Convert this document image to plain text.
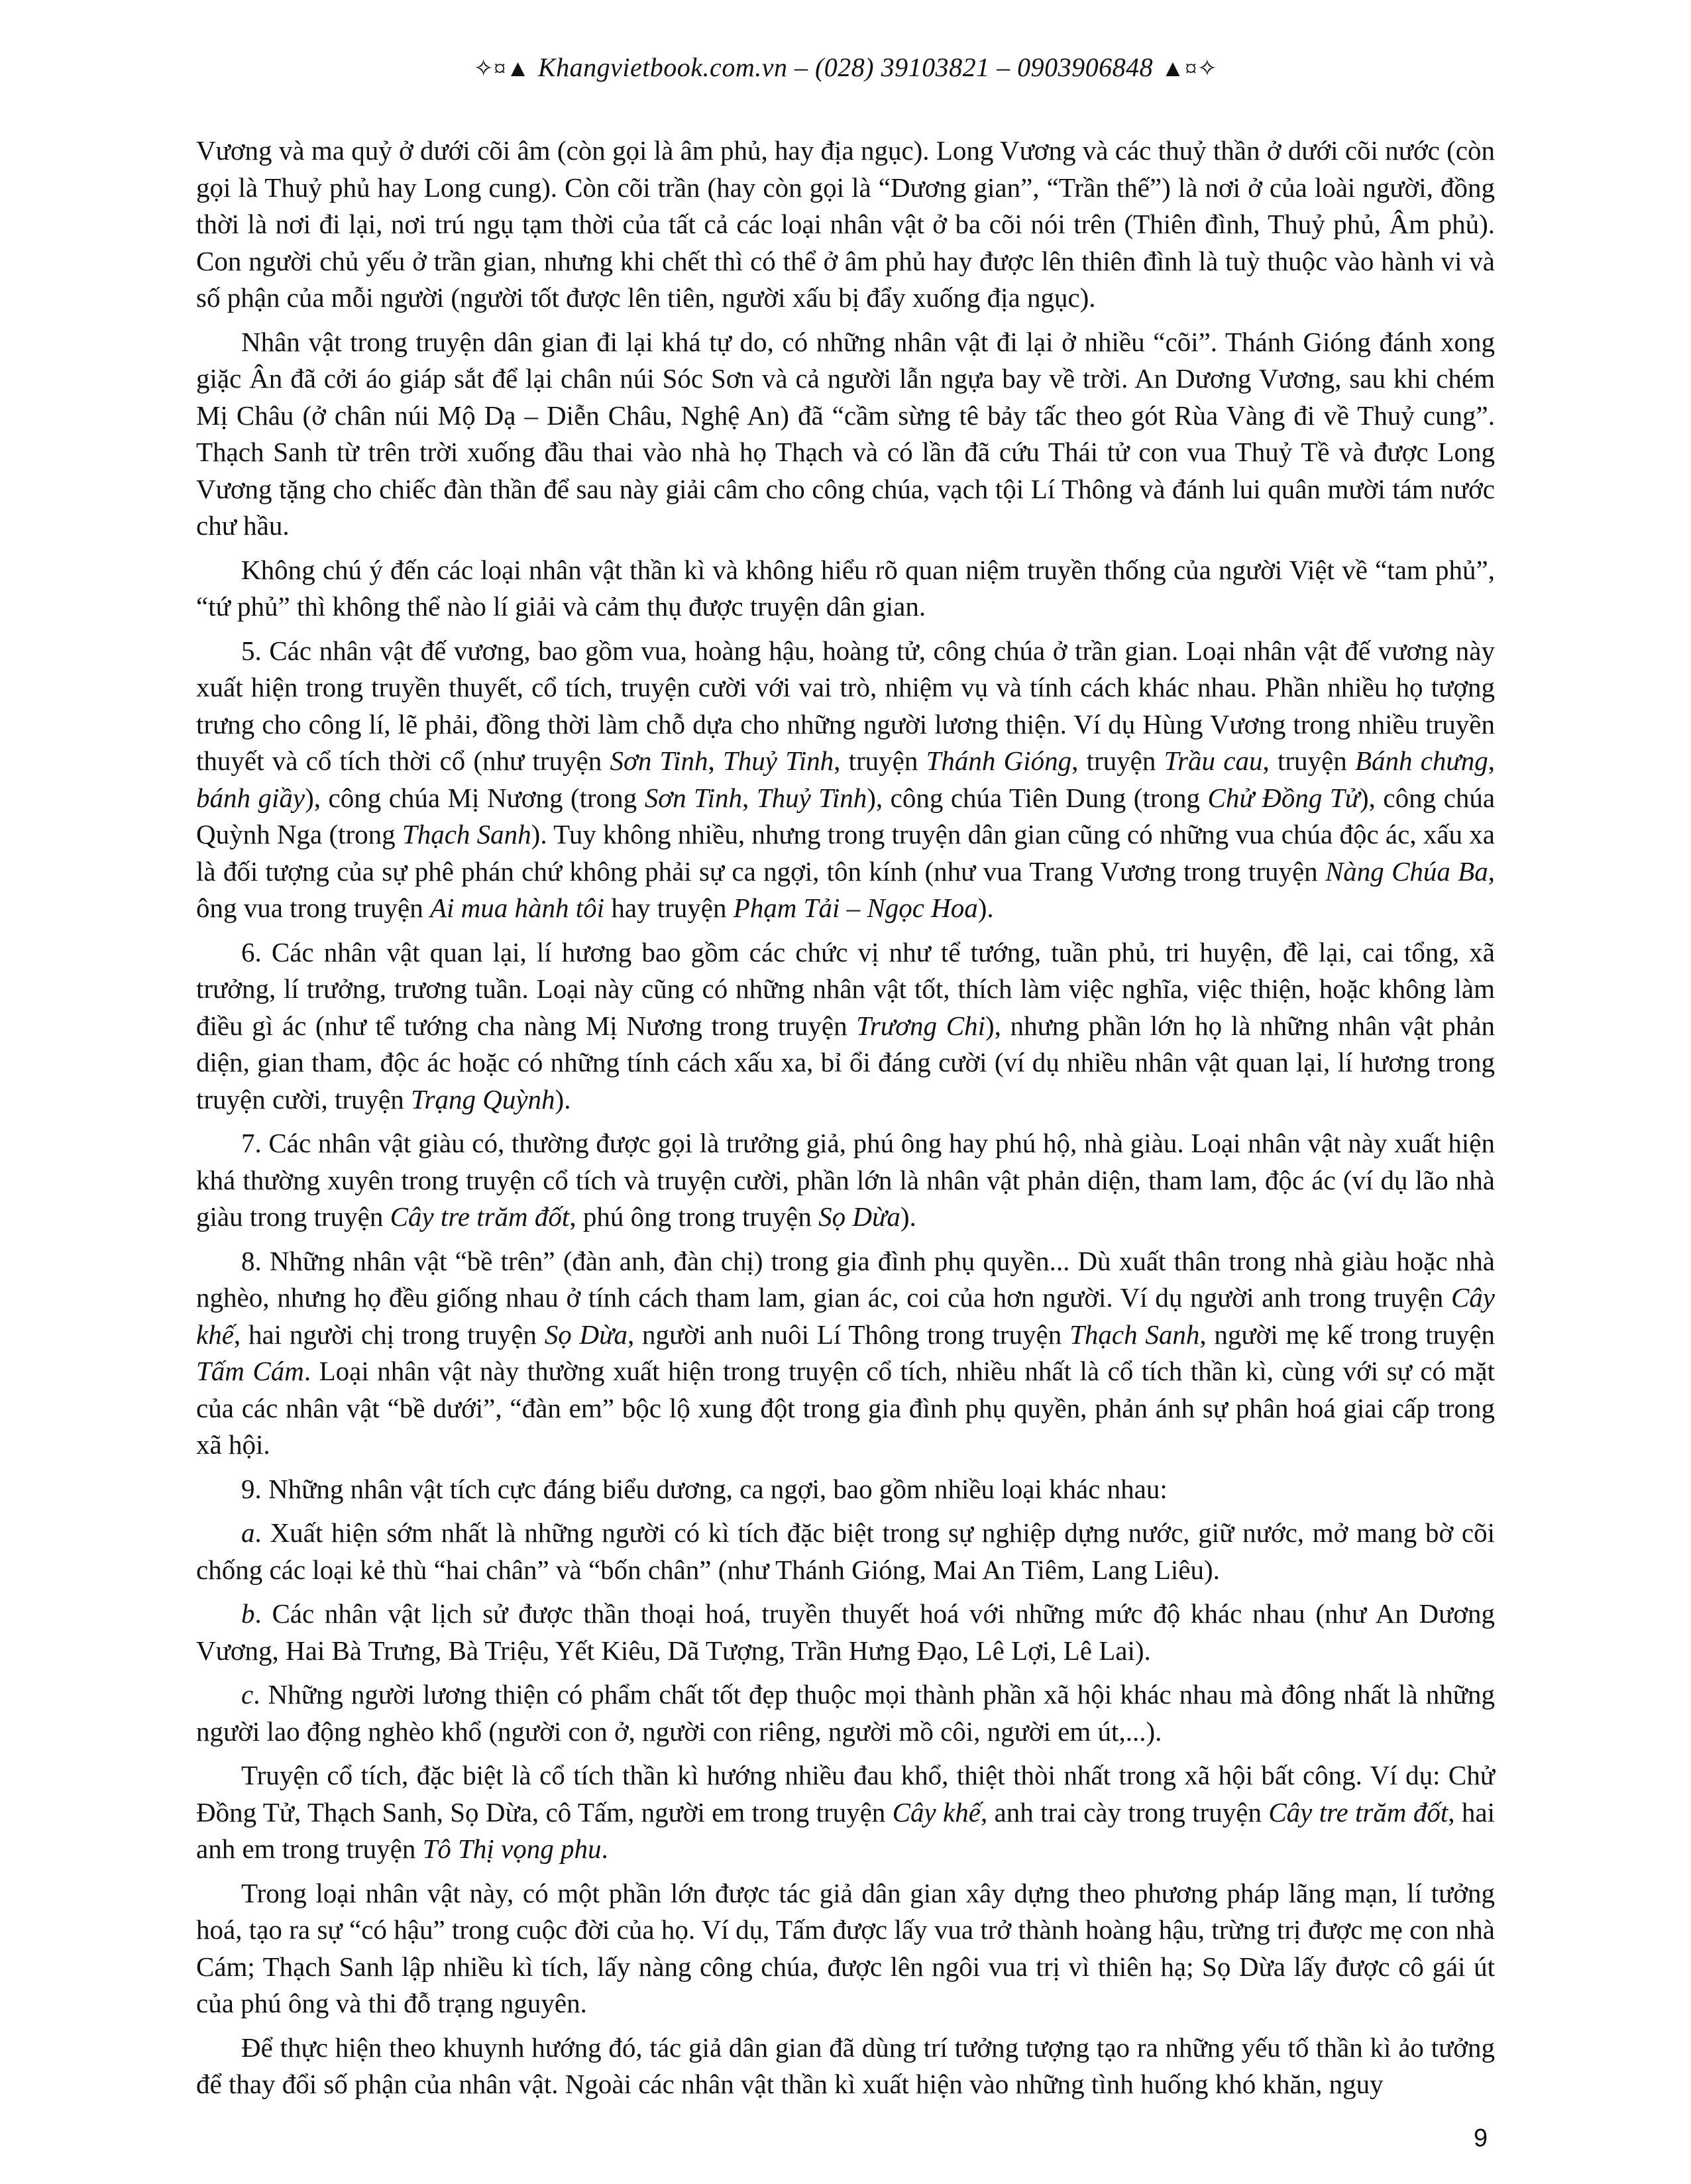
✧¤▲ Khangvietbook.com.vn – (028) 39103821 – 0903906848 ▲¤✧

Vương và ma quỷ ở dưới cõi âm (còn gọi là âm phủ, hay địa ngục). Long Vương và các thuỷ thần ở dưới cõi nước (còn gọi là Thuỷ phủ hay Long cung). Còn cõi trần (hay còn gọi là “Dương gian”, “Trần thế”) là nơi ở của loài người, đồng thời là nơi đi lại, nơi trú ngụ tạm thời của tất cả các loại nhân vật ở ba cõi nói trên (Thiên đình, Thuỷ phủ, Âm phủ). Con người chủ yếu ở trần gian, nhưng khi chết thì có thể ở âm phủ hay được lên thiên đình là tuỳ thuộc vào hành vi và số phận của mỗi người (người tốt được lên tiên, người xấu bị đẩy xuống địa ngục).

Nhân vật trong truyện dân gian đi lại khá tự do, có những nhân vật đi lại ở nhiều “cõi”. Thánh Gióng đánh xong giặc Ân đã cởi áo giáp sắt để lại chân núi Sóc Sơn và cả người lẫn ngựa bay về trời. An Dương Vương, sau khi chém Mị Châu (ở chân núi Mộ Dạ – Diễn Châu, Nghệ An) đã “cầm sừng tê bảy tấc theo gót Rùa Vàng đi về Thuỷ cung”. Thạch Sanh từ trên trời xuống đầu thai vào nhà họ Thạch và có lần đã cứu Thái tử con vua Thuỷ Tề và được Long Vương tặng cho chiếc đàn thần để sau này giải câm cho công chúa, vạch tội Lí Thông và đánh lui quân mười tám nước chư hầu.

Không chú ý đến các loại nhân vật thần kì và không hiểu rõ quan niệm truyền thống của người Việt về “tam phủ”, “tứ phủ” thì không thể nào lí giải và cảm thụ được truyện dân gian.

5. Các nhân vật đế vương, bao gồm vua, hoàng hậu, hoàng tử, công chúa ở trần gian. Loại nhân vật đế vương này xuất hiện trong truyền thuyết, cổ tích, truyện cười với vai trò, nhiệm vụ và tính cách khác nhau. Phần nhiều họ tượng trưng cho công lí, lẽ phải, đồng thời làm chỗ dựa cho những người lương thiện. Ví dụ Hùng Vương trong nhiều truyền thuyết và cổ tích thời cổ (như truyện Sơn Tinh, Thuỷ Tinh, truyện Thánh Gióng, truyện Trầu cau, truyện Bánh chưng, bánh giầy), công chúa Mị Nương (trong Sơn Tinh, Thuỷ Tinh), công chúa Tiên Dung (trong Chử Đồng Tử), công chúa Quỳnh Nga (trong Thạch Sanh). Tuy không nhiều, nhưng trong truyện dân gian cũng có những vua chúa độc ác, xấu xa là đối tượng của sự phê phán chứ không phải sự ca ngợi, tôn kính (như vua Trang Vương trong truyện Nàng Chúa Ba, ông vua trong truyện Ai mua hành tôi hay truyện Phạm Tải – Ngọc Hoa).

6. Các nhân vật quan lại, lí hương bao gồm các chức vị như tể tướng, tuần phủ, tri huyện, đề lại, cai tổng, xã trưởng, lí trưởng, trương tuần. Loại này cũng có những nhân vật tốt, thích làm việc nghĩa, việc thiện, hoặc không làm điều gì ác (như tể tướng cha nàng Mị Nương trong truyện Trương Chi), nhưng phần lớn họ là những nhân vật phản diện, gian tham, độc ác hoặc có những tính cách xấu xa, bỉ ổi đáng cười (ví dụ nhiều nhân vật quan lại, lí hương trong truyện cười, truyện Trạng Quỳnh).

7. Các nhân vật giàu có, thường được gọi là trưởng giả, phú ông hay phú hộ, nhà giàu. Loại nhân vật này xuất hiện khá thường xuyên trong truyện cổ tích và truyện cười, phần lớn là nhân vật phản diện, tham lam, độc ác (ví dụ lão nhà giàu trong truyện Cây tre trăm đốt, phú ông trong truyện Sọ Dừa).

8. Những nhân vật “bề trên” (đàn anh, đàn chị) trong gia đình phụ quyền... Dù xuất thân trong nhà giàu hoặc nhà nghèo, nhưng họ đều giống nhau ở tính cách tham lam, gian ác, coi của hơn người. Ví dụ người anh trong truyện Cây khế, hai người chị trong truyện Sọ Dừa, người anh nuôi Lí Thông trong truyện Thạch Sanh, người mẹ kế trong truyện Tấm Cám. Loại nhân vật này thường xuất hiện trong truyện cổ tích, nhiều nhất là cổ tích thần kì, cùng với sự có mặt của các nhân vật “bề dưới”, “đàn em” bộc lộ xung đột trong gia đình phụ quyền, phản ánh sự phân hoá giai cấp trong xã hội.

9. Những nhân vật tích cực đáng biểu dương, ca ngợi, bao gồm nhiều loại khác nhau:

a. Xuất hiện sớm nhất là những người có kì tích đặc biệt trong sự nghiệp dựng nước, giữ nước, mở mang bờ cõi chống các loại kẻ thù “hai chân” và “bốn chân” (như Thánh Gióng, Mai An Tiêm, Lang Liêu).

b. Các nhân vật lịch sử được thần thoại hoá, truyền thuyết hoá với những mức độ khác nhau (như An Dương Vương, Hai Bà Trưng, Bà Triệu, Yết Kiêu, Dã Tượng, Trần Hưng Đạo, Lê Lợi, Lê Lai).

c. Những người lương thiện có phẩm chất tốt đẹp thuộc mọi thành phần xã hội khác nhau mà đông nhất là những người lao động nghèo khổ (người con ở, người con riêng, người mồ côi, người em út,...).

Truyện cổ tích, đặc biệt là cổ tích thần kì hướng nhiều đau khổ, thiệt thòi nhất trong xã hội bất công. Ví dụ: Chử Đồng Tử, Thạch Sanh, Sọ Dừa, cô Tấm, người em trong truyện Cây khế, anh trai cày trong truyện Cây tre trăm đốt, hai anh em trong truyện Tô Thị vọng phu.

Trong loại nhân vật này, có một phần lớn được tác giả dân gian xây dựng theo phương pháp lãng mạn, lí tưởng hoá, tạo ra sự “có hậu” trong cuộc đời của họ. Ví dụ, Tấm được lấy vua trở thành hoàng hậu, trừng trị được mẹ con nhà Cám; Thạch Sanh lập nhiều kì tích, lấy nàng công chúa, được lên ngôi vua trị vì thiên hạ; Sọ Dừa lấy được cô gái út của phú ông và thi đỗ trạng nguyên.

Để thực hiện theo khuynh hướng đó, tác giả dân gian đã dùng trí tưởng tượng tạo ra những yếu tố thần kì ảo tưởng để thay đổi số phận của nhân vật. Ngoài các nhân vật thần kì xuất hiện vào những tình huống khó khăn, nguy

9
